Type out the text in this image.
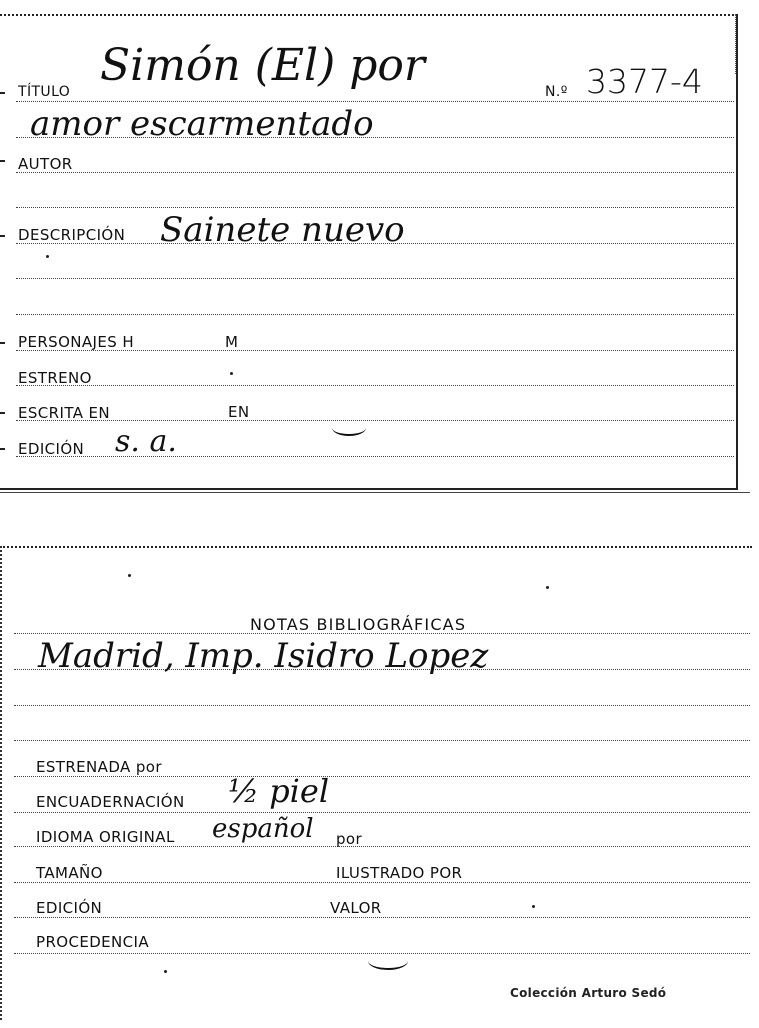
TÍTULO
Simón (El) por
N.º 3377-4
amor escarmentado
AUTOR
DESCRIPCIÓN Sainete nuevo
PERSONAJES H	M
ESTRENO
ESCRITA EN	EN
EDICIÓN s. a.
NOTAS BIBLIOGRÁFICAS
Madrid, Imp. Isidro Lopez
ESTRENADA por
ENCUADERNACIÓN ½ piel
IDIOMA ORIGINAL español por
TAMAÑO	ILUSTRADO POR
EDICIÓN	VALOR
PROCEDENCIA
Colección Arturo Sedó
